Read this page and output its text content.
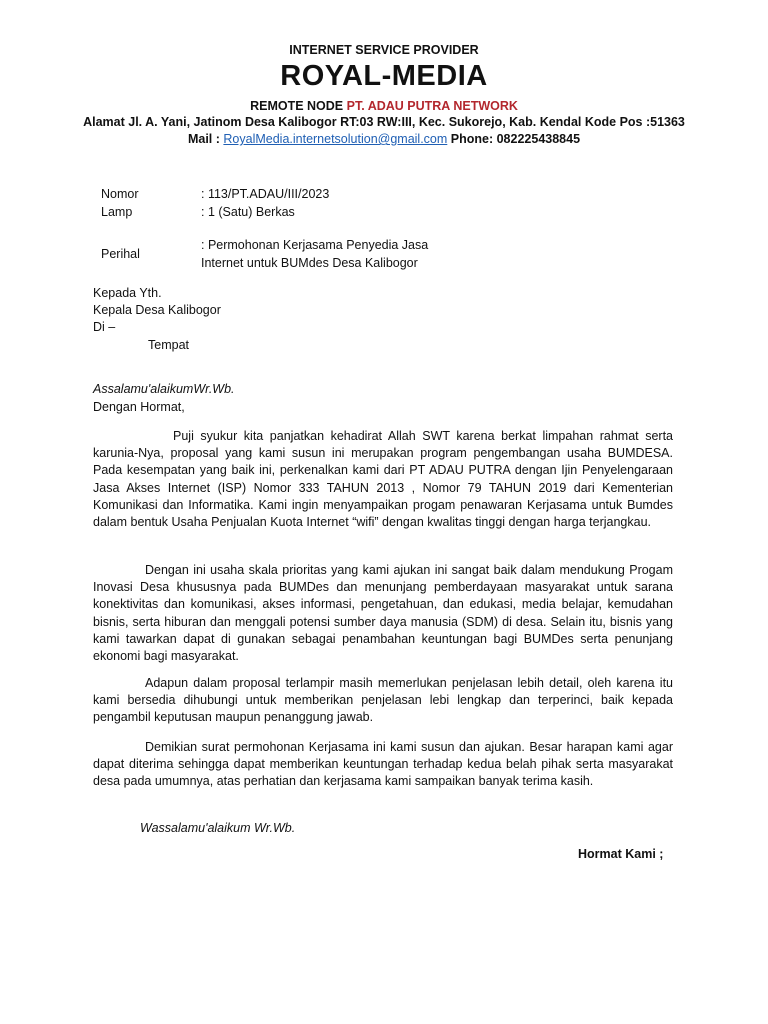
INTERNET SERVICE PROVIDER
ROYAL-MEDIA
REMOTE NODE PT. ADAU PUTRA NETWORK
Alamat Jl. A. Yani, Jatinom Desa Kalibogor RT:03 RW:III, Kec. Sukorejo, Kab. Kendal Kode Pos :51363
Mail : RoyalMedia.internetsolution@gmail.com Phone: 082225438845
Nomor	: 113/PT.ADAU/III/2023
Lamp	: 1 (Satu) Berkas
Perihal
: Permohonan Kerjasama Penyedia Jasa
Internet untuk BUMdes Desa Kalibogor
Kepada Yth.
Kepala Desa Kalibogor
Di –
Tempat
Assalamu'alaikumWr.Wb.
Dengan Hormat,
Puji syukur kita panjatkan kehadirat Allah SWT karena berkat limpahan rahmat serta karunia-Nya, proposal yang kami susun ini merupakan program pengembangan usaha BUMDESA. Pada kesempatan yang baik ini, perkenalkan kami dari PT ADAU PUTRA dengan Ijin Penyelengaraan Jasa Akses Internet (ISP) Nomor 333 TAHUN 2013 , Nomor 79 TAHUN 2019 dari Kementerian Komunikasi dan Informatika. Kami ingin menyampaikan progam penawaran Kerjasama untuk Bumdes dalam bentuk Usaha Penjualan Kuota Internet “wifi” dengan kwalitas tinggi dengan harga terjangkau.
Dengan ini usaha skala prioritas yang kami ajukan ini sangat baik dalam mendukung Progam Inovasi Desa khususnya pada BUMDes dan menunjang pemberdayaan masyarakat untuk sarana konektivitas dan komunikasi, akses informasi, pengetahuan, dan edukasi, media belajar, kemudahan bisnis, serta hiburan dan menggali potensi sumber daya manusia (SDM) di desa. Selain itu, bisnis yang kami tawarkan dapat di gunakan sebagai penambahan keuntungan bagi BUMDes serta penunjang ekonomi bagi masyarakat.
Adapun dalam proposal terlampir masih memerlukan penjelasan lebih detail, oleh karena itu kami bersedia dihubungi untuk memberikan penjelasan lebi lengkap dan terperinci, baik kepada pengambil keputusan maupun penanggung jawab.
Demikian surat permohonan Kerjasama ini kami susun dan ajukan. Besar harapan kami agar dapat diterima sehingga dapat memberikan keuntungan terhadap kedua belah pihak serta masyarakat desa pada umumnya, atas perhatian dan kerjasama kami sampaikan banyak terima kasih.
Wassalamu'alaikum Wr.Wb.
Hormat Kami ;
